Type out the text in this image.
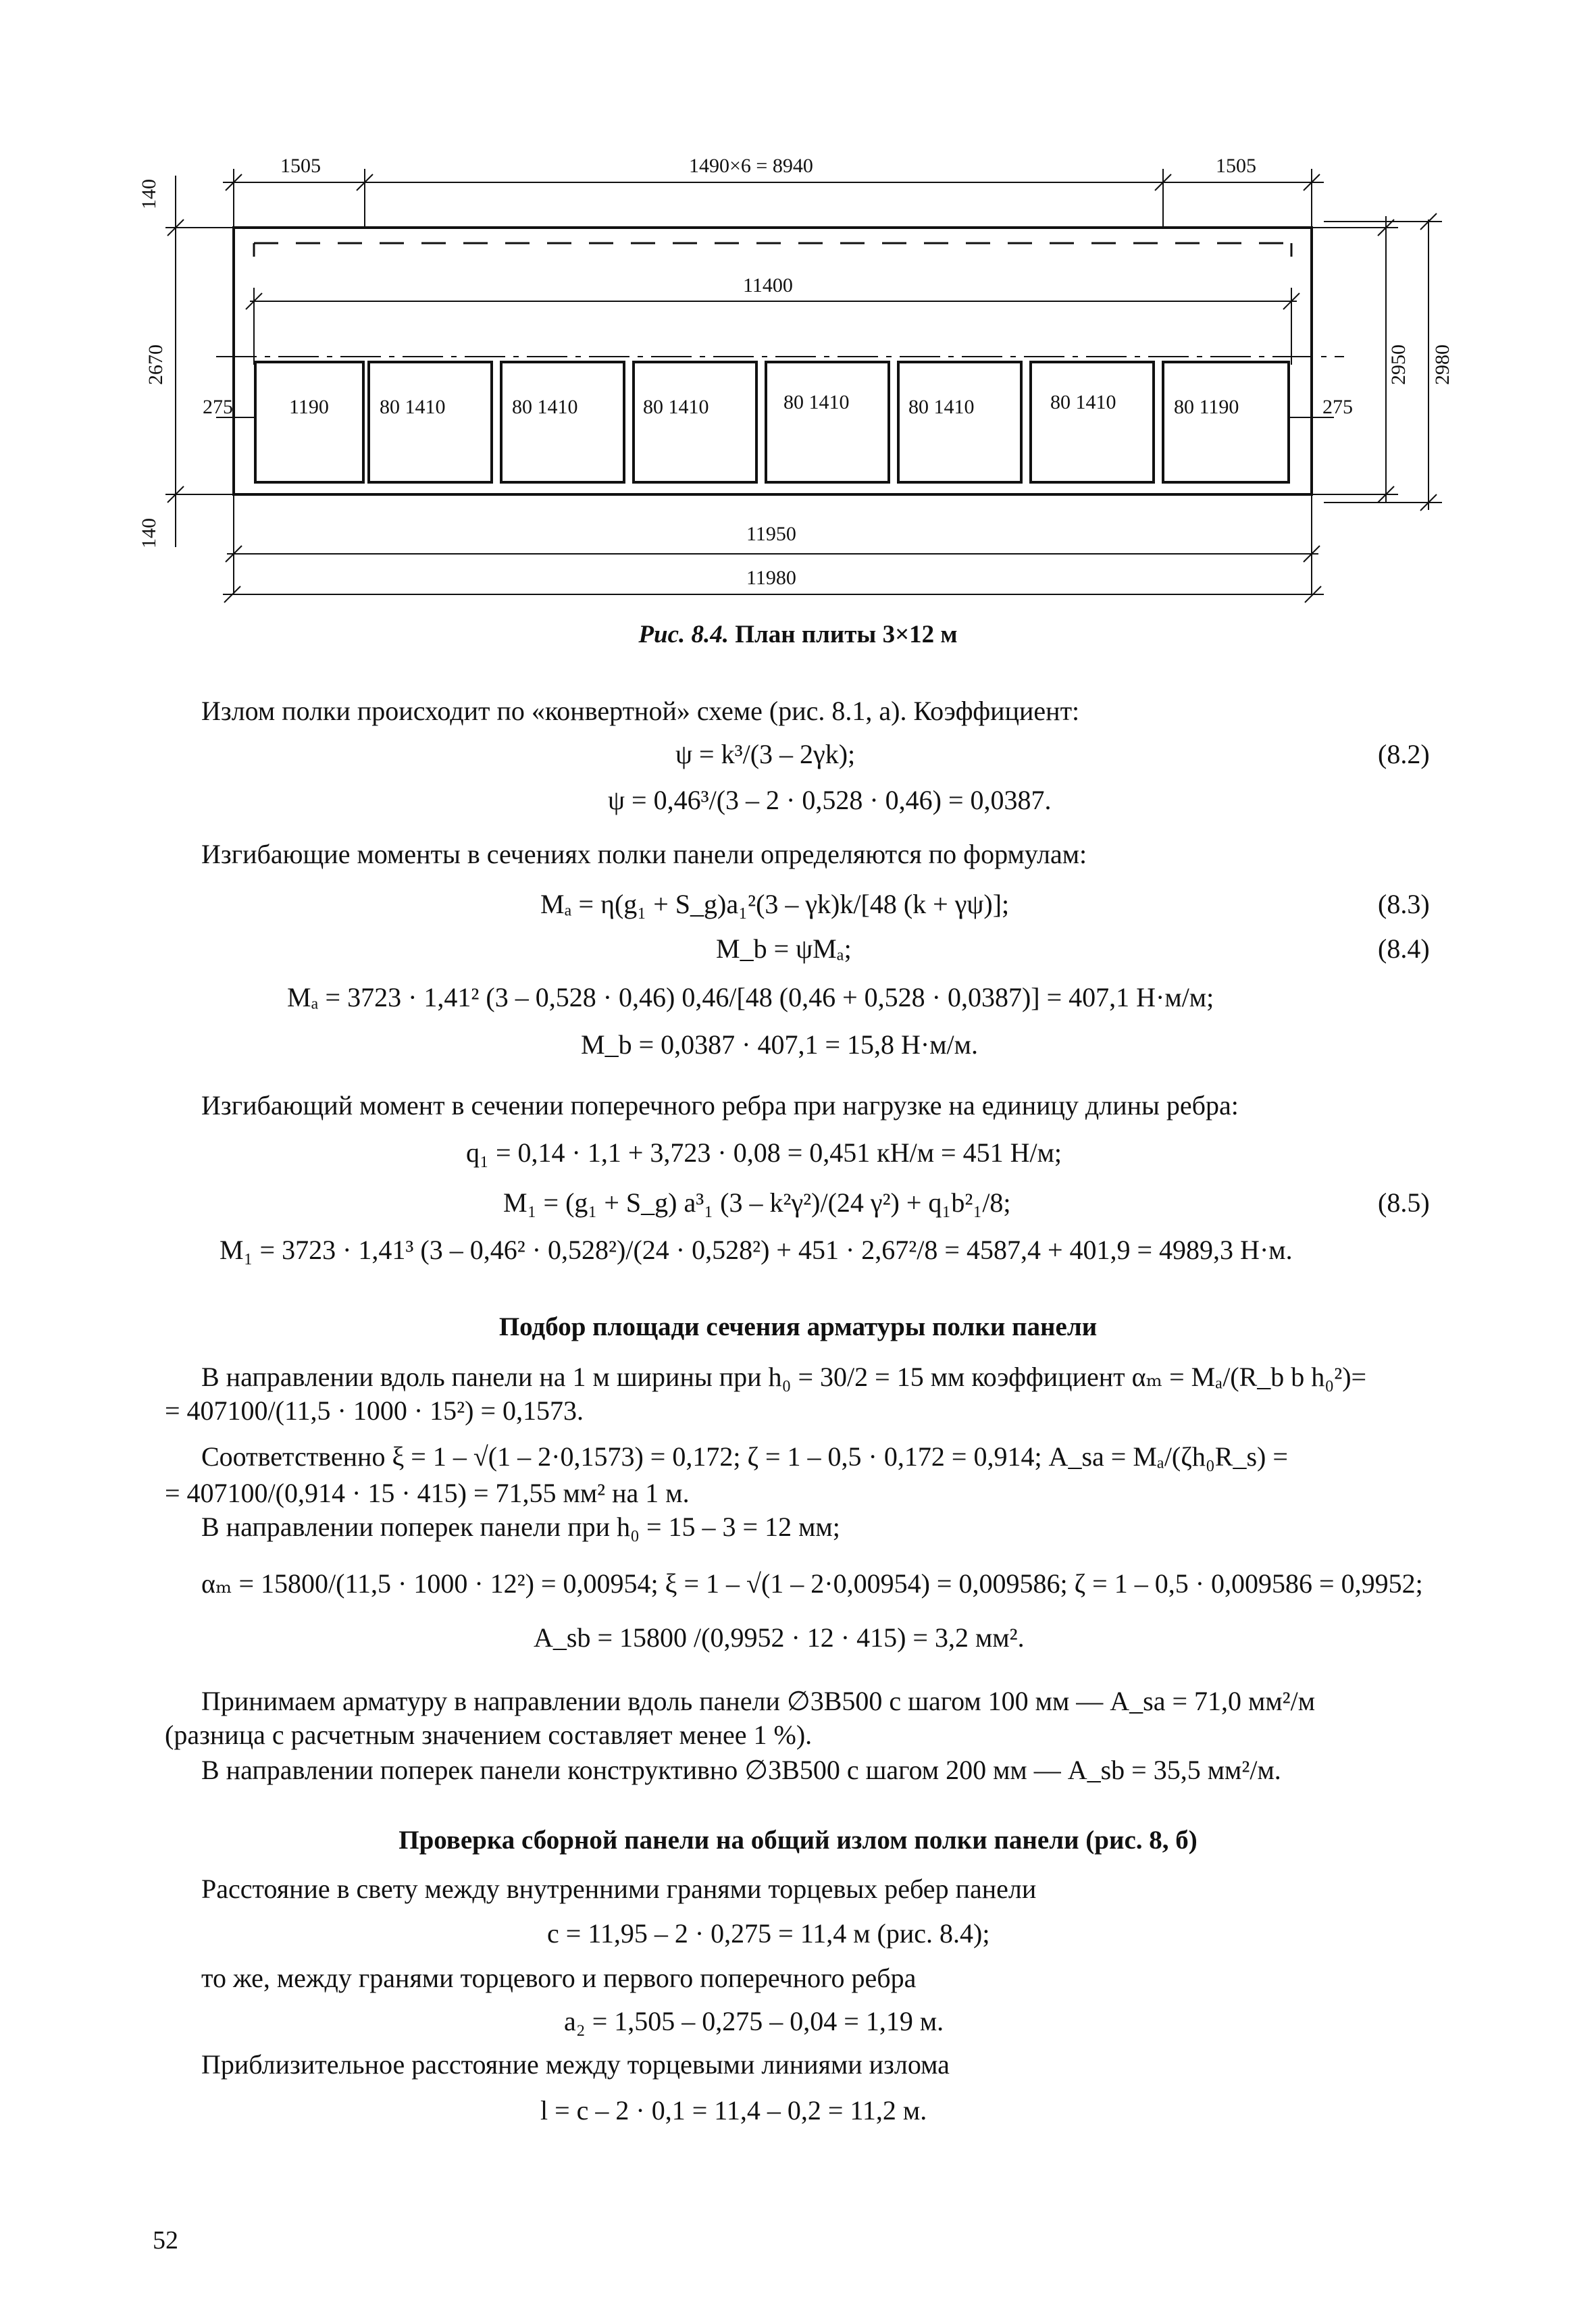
1505	1490×6 = 8940	1505
11400
140
2670
140
2950 2980
275	275
1190	80 1410	80 1410	80 1410	80 1410	80 1410	80 1410	80 1190
11950
11980
Рис. 8.4. План плиты 3×12 м
Излом полки происходит по «конвертной» схеме (рис. 8.1, а). Коэффициент:
ψ = k³/(3 – 2γk);	(8.2)
ψ = 0,46³/(3 – 2 · 0,528 · 0,46) = 0,0387.
Изгибающие моменты в сечениях полки панели определяются по формулам:
Mₐ = η(g₁ + S_g)a₁²(3 – γk)k/[48 (k + γψ)];	(8.3)
M_b = ψMₐ;	(8.4)
Mₐ = 3723 · 1,41² (3 – 0,528 · 0,46) 0,46/[48 (0,46 + 0,528 · 0,0387)] = 407,1 Н·м/м;
M_b = 0,0387 · 407,1 = 15,8 Н·м/м.
Изгибающий момент в сечении поперечного ребра при нагрузке на единицу длины ребра:
q₁ = 0,14 · 1,1 + 3,723 · 0,08 = 0,451 кН/м = 451 Н/м;
M₁ = (g₁ + S_g) a³₁ (3 – k²γ²)/(24 γ²) + q₁b²₁/8;	(8.5)
M₁ = 3723 · 1,41³ (3 – 0,46² · 0,528²)/(24 · 0,528²) + 451 · 2,67²/8 = 4587,4 + 401,9 = 4989,3 Н·м.
Подбор площади сечения арматуры полки панели
В направлении вдоль панели на 1 м ширины при h₀ = 30/2 = 15 мм коэффициент αₘ = Mₐ/(R_b b h₀²)=
= 407100/(11,5 · 1000 · 15²) = 0,1573.
Соответственно ξ = 1 – √(1 – 2·0,1573) = 0,172; ζ = 1 – 0,5 · 0,172 = 0,914; A_sa = Mₐ/(ζh₀R_s) =
= 407100/(0,914 · 15 · 415) = 71,55 мм² на 1 м.
В направлении поперек панели при h₀ = 15 – 3 = 12 мм;
αₘ = 15800/(11,5 · 1000 · 12²) = 0,00954; ξ = 1 – √(1 – 2·0,00954) = 0,009586; ζ = 1 – 0,5 · 0,009586 = 0,9952;
A_sb = 15800 /(0,9952 · 12 · 415) = 3,2 мм².
Принимаем арматуру в направлении вдоль панели ∅3В500 с шагом 100 мм — A_sa = 71,0 мм²/м
(разница с расчетным значением составляет менее 1 %).
В направлении поперек панели конструктивно ∅3В500 с шагом 200 мм — A_sb = 35,5 мм²/м.
Проверка сборной панели на общий излом полки панели (рис. 8, б)
Расстояние в свету между внутренними гранями торцевых ребер панели
c = 11,95 – 2 · 0,275 = 11,4 м (рис. 8.4);
то же, между гранями торцевого и первого поперечного ребра
a₂ = 1,505 – 0,275 – 0,04 = 1,19 м.
Приблизительное расстояние между торцевыми линиями излома
l = c – 2 · 0,1 = 11,4 – 0,2 = 11,2 м.
52
